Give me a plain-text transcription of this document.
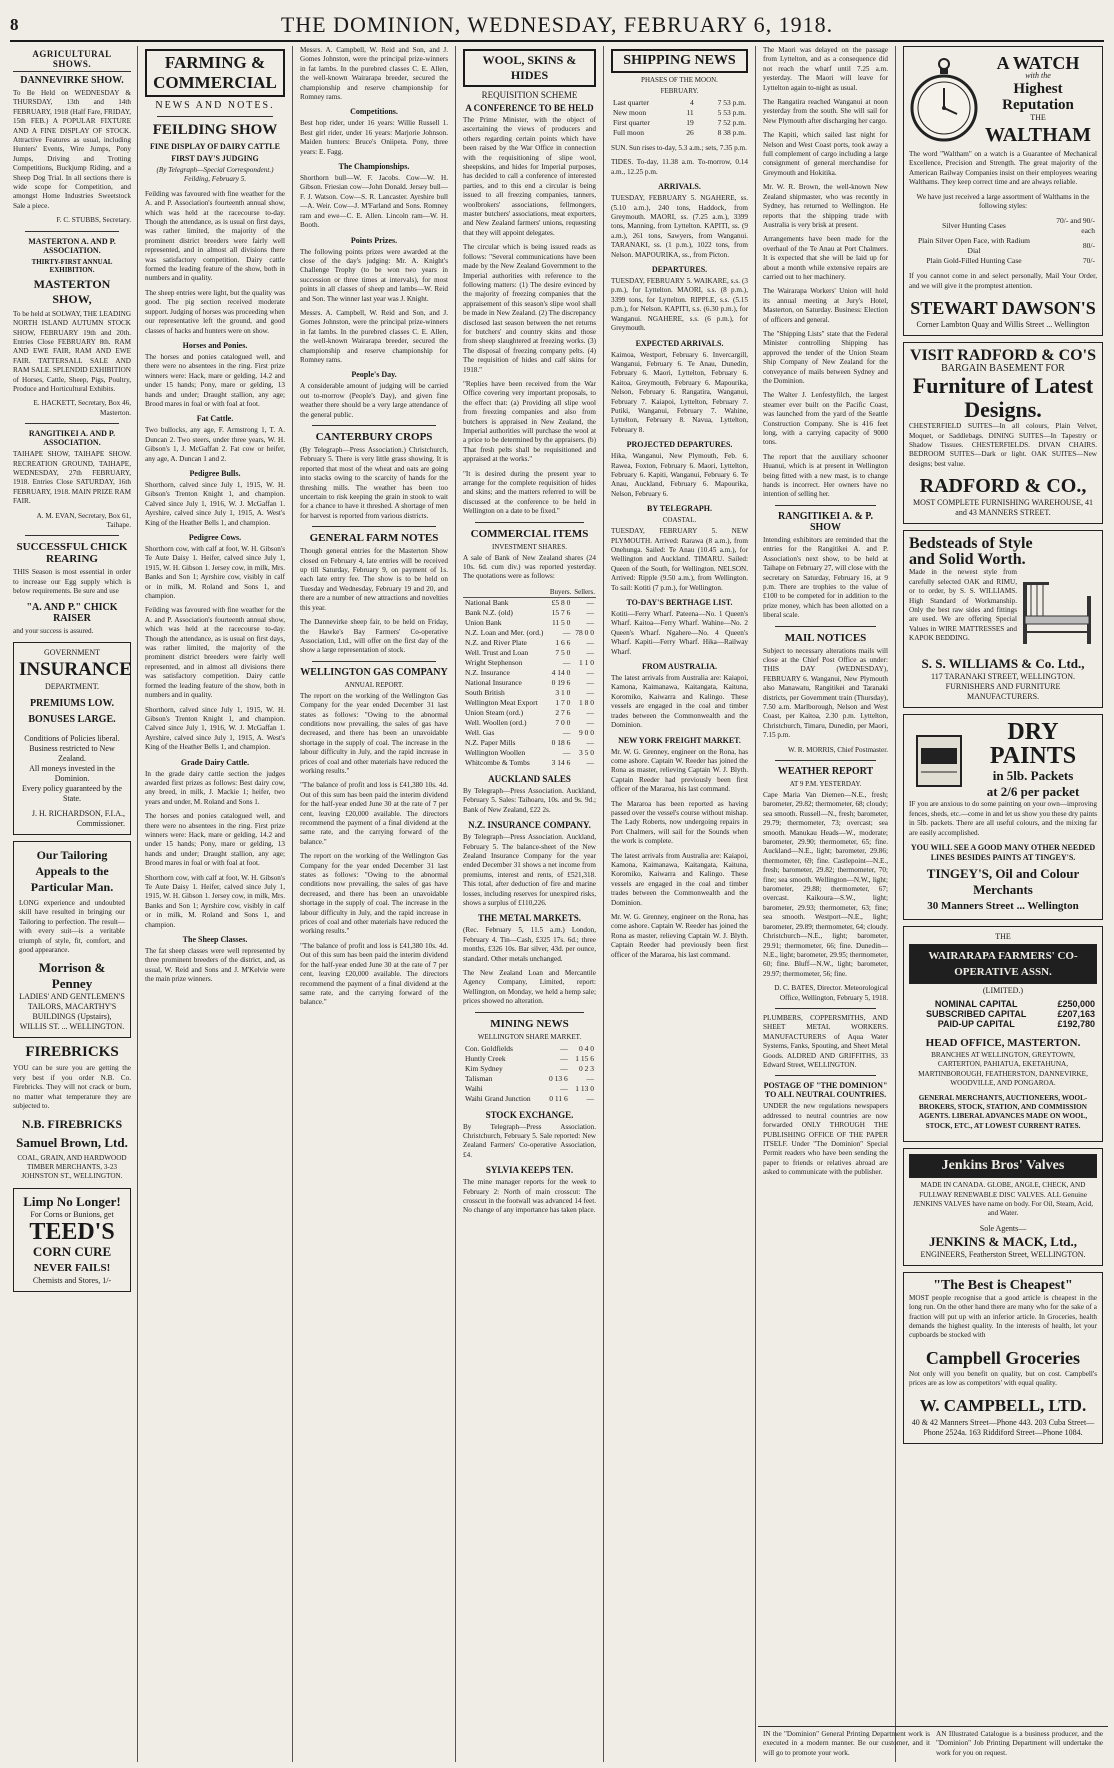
8	THE DOMINION, WEDNESDAY, FEBRUARY 6, 1918.
AGRICULTURAL SHOWS.
DANNEVIRKE SHOW.

To Be Held on WEDNESDAY & THURSDAY, 13th and 14th FEBRUARY, 1918 (Half Fare, FRIDAY, 15th FEB.) A POPULAR FIXTURE AND A FINE DISPLAY OF STOCK. Attractive Features as usual, including Hunters' Events, Wire Jumps, Pony Jumps, Driving and Trotting Competitions, Buckjump Riding, and a Sheep Dog Trial. In all sections there is wide scope for Competition, and amongst Home Industries Sweetstock Sale a piece.

F. C. STUBBS, Secretary.

MASTERTON A. AND P. ASSOCIATION.
THIRTY-FIRST ANNUAL EXHIBITION.
MASTERTON SHOW,

To be held at SOLWAY, THE LEADING NORTH ISLAND AUTUMN STOCK SHOW, FEBRUARY 19th and 20th. Entries Close FEBRUARY 8th. RAM AND EWE FAIR, RAM AND EWE FAIR. TATTERSALL SALE AND RAM SALE. SPLENDID EXHIBITION of Horses, Cattle, Sheep, Pigs, Poultry, Produce and Horticultural Exhibits.

E. HACKETT, Secretary, Box 46, Masterton.

RANGITIKEI A. AND P. ASSOCIATION.

TAIHAPE SHOW, TAIHAPE SHOW. RECREATION GROUND, TAIHAPE, WEDNESDAY, 27th FEBRUARY, 1918. Entries Close SATURDAY, 16th FEBRUARY, 1918. MAIN PRIZE RAM FAIR.

A. M. EVAN, Secretary, Box 61, Taihape.

SUCCESSFUL CHICK REARING

THIS Season is most essential in order to increase our Egg supply which is below requirements. Be sure and use

"A. AND P." CHICK RAISER

and your success is assured.

GOVERNMENT
INSURANCE
DEPARTMENT.
PREMIUMS LOW.
BONUSES LARGE.
Conditions of Policies liberal.
Business restricted to New Zealand.
All moneys invested in the Dominion.
Every policy guaranteed by the State.
J. H. RICHARDSON, F.I.A., Commissioner.
Our Tailoring Appeals to the Particular Man.

LONG experience and undoubted skill have resulted in bringing our Tailoring to perfection. The result—with every suit—is a veritable triumph of style, fit, comfort, and good appearance.

Morrison & Penney
LADIES' AND GENTLEMEN'S TAILORS, MACARTHY'S BUILDINGS (Upstairs), WILLIS ST. ... WELLINGTON.
FIREBRICKS

YOU can be sure you are getting the very best if you order N.B. Co. Firebricks. They will not crack or burn, no matter what temperature they are subjected to.

N.B. FIREBRICKS
Samuel Brown, Ltd.

COAL, GRAIN, AND HARDWOOD TIMBER MERCHANTS, 3-23 JOHNSTON ST., WELLINGTON.

Limp No Longer!
For Corns or Bunions, get
TEED'S
CORN CURE
NEVER FAILS!
Chemists and Stores, 1/-
FARMING & COMMERCIAL
NEWS AND NOTES.
FEILDING SHOW
FINE DISPLAY OF DAIRY CATTLE
FIRST DAY'S JUDGING

(By Telegraph—Special Correspondent.) Feilding, February 5.

Feilding was favoured with fine weather for the A. and P. Association's fourteenth annual show, which was held at the racecourse to-day. Though the attendance, as is usual on first days, was rather limited, the majority of the prominent district breeders were fairly well represented, and in almost all divisions there was satisfactory competition. Dairy cattle formed the leading feature of the show, both in numbers and in quality.

The sheep entries were light, but the quality was good. The pig section received moderate support. Judging of horses was proceeding when our representative left the ground, and good classes of hacks and hunters were on show.

Horses and Ponies.

The horses and ponies catalogued well, and there were no absentees in the ring. First prize winners were: Hack, mare or gelding, 14.2 and under 15 hands; Pony, mare or gelding, 13 hands and under; Draught stallion, any age; Brood mares in foal or with foal at foot.

Fat Cattle.

Two bullocks, any age, F. Armstrong 1, T. A. Duncan 2. Two steers, under three years, W. H. Gibson's 1, J. McGaffan 2. Fat cow or heifer, any age, A. Duncan 1 and 2.

Pedigree Bulls.

Shorthorn, calved since July 1, 1915, W. H. Gibson's Trenton Knight 1, and champion. Calved since July 1, 1916, W. J. McGaffan 1. Ayrshire, calved since July 1, 1915, A. West's King of the Heather Bells 1, and champion.

Pedigree Cows.

Shorthorn cow, with calf at foot, W. H. Gibson's Te Aute Daisy 1. Heifer, calved since July 1, 1915, W. H. Gibson 1. Jersey cow, in milk, Mrs. Banks and Son 1; Ayrshire cow, visibly in calf or in milk, M. Roland and Sons 1, and champion.

Feilding was favoured with fine weather for the A. and P. Association's fourteenth annual show, which was held at the racecourse to-day. Though the attendance, as is usual on first days, was rather limited, the majority of the prominent district breeders were fairly well represented, and in almost all divisions there was satisfactory competition. Dairy cattle formed the leading feature of the show, both in numbers and in quality.

Shorthorn, calved since July 1, 1915, W. H. Gibson's Trenton Knight 1, and champion. Calved since July 1, 1916, W. J. McGaffan 1. Ayrshire, calved since July 1, 1915, A. West's King of the Heather Bells 1, and champion.

Grade Dairy Cattle.

In the grade dairy cattle section the judges awarded first prizes as follows: Best dairy cow, any breed, in milk, J. Mackie 1; heifer, two years and under, M. Roland and Sons 1.

The horses and ponies catalogued well, and there were no absentees in the ring. First prize winners were: Hack, mare or gelding, 14.2 and under 15 hands; Pony, mare or gelding, 13 hands and under; Draught stallion, any age; Brood mares in foal or with foal at foot.

Shorthorn cow, with calf at foot, W. H. Gibson's Te Aute Daisy 1. Heifer, calved since July 1, 1915, W. H. Gibson 1. Jersey cow, in milk, Mrs. Banks and Son 1; Ayrshire cow, visibly in calf or in milk, M. Roland and Sons 1, and champion.

The Sheep Classes.

The fat sheep classes were well represented by three prominent breeders of the district, and, as usual, W. Reid and Sons and J. M'Kelvie were the main prize winners.

Messrs. A. Campbell, W. Reid and Son, and J. Gomes Johnston, were the principal prize-winners in fat lambs. In the purebred classes C. E. Allen, the well-known Wairarapa breeder, secured the championship and reserve championship for Romney rams.

Competitions.

Best hop rider, under 16 years: Willie Russell 1. Best girl rider, under 16 years: Marjorie Johnson. Maiden hunters: Bruce's Oniipeta. Pony, three years: E. Fagg.

The Championships.

Shorthorn bull—W. F. Jacobs. Cow—W. H. Gibson. Friesian cow—John Donald. Jersey bull—F. J. Watson. Cow—S. R. Lancaster. Ayrshire bull—A. Weir. Cow—J. M'Farland and Sons. Romney ram and ewe—C. E. Allen. Lincoln ram—W. H. Booth.

Points Prizes.

The following points prizes were awarded at the close of the day's judging: Mr. A. Knight's Challenge Trophy (to be won two years in succession or three times at intervals), for most points in all classes of sheep and lambs—W. Reid and Son. The winner last year was J. Knight.

Messrs. A. Campbell, W. Reid and Son, and J. Gomes Johnston, were the principal prize-winners in fat lambs. In the purebred classes C. E. Allen, the well-known Wairarapa breeder, secured the championship and reserve championship for Romney rams.

People's Day.

A considerable amount of judging will be carried out to-morrow (People's Day), and given fine weather there should be a very large attendance of the general public.

CANTERBURY CROPS

(By Telegraph—Press Association.) Christchurch, February 5. There is very little grass showing. It is reported that most of the wheat and oats are going into stacks owing to the scarcity of hands for the threshing mills. The weather has been too uncertain to risk keeping the grain in stook to wait for a chance to have it threshed. A shortage of men for harvest is reported from various districts.

GENERAL FARM NOTES

Though general entries for the Masterton Show closed on February 4, late entries will be received up till Saturday, February 9, on payment of 1s. each late entry fee. The show is to be held on Tuesday and Wednesday, February 19 and 20, and there are a number of new attractions and novelties this year.

The Dannevirke sheep fair, to be held on Friday, the Hawke's Bay Farmers' Co-operative Association, Ltd., will offer on the first day of the show a large representation of stock.

WELLINGTON GAS COMPANY
ANNUAL REPORT.

The report on the working of the Wellington Gas Company for the year ended December 31 last states as follows: "Owing to the abnormal conditions now prevailing, the sales of gas have decreased, and there has been an unavoidable shortage in the supply of coal. The increase in the labour difficulty in July, and the rapid increase in prices of coal and other materials have reduced the working results."

"The balance of profit and loss is £41,380 10s. 4d. Out of this sum has been paid the interim dividend for the half-year ended June 30 at the rate of 7 per cent, leaving £20,000 available. The directors recommend the payment of a final dividend at the same rate, and the carrying forward of the balance."

The report on the working of the Wellington Gas Company for the year ended December 31 last states as follows: "Owing to the abnormal conditions now prevailing, the sales of gas have decreased, and there has been an unavoidable shortage in the supply of coal. The increase in the labour difficulty in July, and the rapid increase in prices of coal and other materials have reduced the working results."

"The balance of profit and loss is £41,380 10s. 4d. Out of this sum has been paid the interim dividend for the half-year ended June 30 at the rate of 7 per cent, leaving £20,000 available. The directors recommend the payment of a final dividend at the same rate, and the carrying forward of the balance."

WOOL, SKINS & HIDES
REQUISITION SCHEME
A CONFERENCE TO BE HELD

The Prime Minister, with the object of ascertaining the views of producers and others regarding certain points which have been raised by the War Office in connection with the requisitioning of slipe wool, sheepskins, and hides for Imperial purposes, has decided to call a conference of interested parties, and to this end a circular is being issued to all freezing companies, tanners, woolbrokers' associations, fellmongers, master butchers' associations, meat exporters, and New Zealand farmers' unions, requesting that they will appoint delegates.

The circular which is being issued reads as follows: "Several communications have been made by the New Zealand Government to the Imperial authorities with reference to the following matters: (1) The desire evinced by the majority of freezing companies that the appraisement of this season's slipe wool shall be made in New Zealand. (2) The discrepancy disclosed last season between the net returns for butchers' and country skins and those from sheep slaughtered at freezing works. (3) The disposal of freezing company pelts. (4) The requisition of hides and calf skins for 1918."

"Replies have been received from the War Office covering very important proposals, to the effect that: (a) Providing all slipe wool from freezing companies and also from butchers is appraised in New Zealand, the Imperial authorities will purchase the wool at a price to be determined by the appraisers. (b) That fresh pelts shall be requisitioned and appraised at the works."

"It is desired during the present year to arrange for the complete requisition of hides and skins; and the matters referred to will be discussed at the conference to be held in Wellington on a date to be fixed."

COMMERCIAL ITEMS
INVESTMENT SHARES.

A sale of Bank of New Zealand shares (24 10s. 6d. cum div.) was reported yesterday. The quotations were as follows:

	Buyers.	Sellers.
National Bank	£5 8 0	—
Bank N.Z. (old)	15 7 6	—
Union Bank	11 5 0	—
N.Z. Loan and Mer. (ord.)	—	78 0 0
N.Z. and River Plate	1 6 6	—
Well. Trust and Loan	7 5 0	—
Wright Stephenson	—	1 1 0
N.Z. Insurance	4 14 0	—
National Insurance	0 19 6	—
South British	3 1 0	—
Wellington Meat Export	1 7 0	1 8 0
Union Steam (ord.)	2 7 6	—
Well. Woollen (ord.)	7 0 0	—
Well. Gas	—	9 0 0
N.Z. Paper Mills	0 18 6	—
Wellington Woollen	—	3 5 0
Whitcombe & Tombs	3 14 6	—
AUCKLAND SALES

By Telegraph—Press Association. Auckland, February 5. Sales: Taihoaru, 10s. and 9s. 9d.; Bank of New Zealand, £22 2s.

N.Z. INSURANCE COMPANY.

By Telegraph—Press Association. Auckland, February 5. The balance-sheet of the New Zealand Insurance Company for the year ended December 31 shows a net income from premiums, interest and rents, of £521,318. This total, after deduction of fire and marine losses, including reserves for unexpired risks, shows a surplus of £110,226.

THE METAL MARKETS.

(Rec. February 5, 11.5 a.m.) London, February 4. Tin—Cash, £325 17s. 6d.; three months, £326 10s. Bar silver, 43d. per ounce, standard. Other metals unchanged.

The New Zealand Loan and Mercantile Agency Company, Limited, report: Wellington, on Monday, we held a hemp sale; prices showed no alteration.

MINING NEWS
WELLINGTON SHARE MARKET.
Con. Goldfields	—	0 4 0
Huntly Creek	—	1 15 6
Kim Sydney	—	0 2 3
Talisman	0 13 6	—
Waihi	—	1 13 0
Waihi Grand Junction	0 11 6	—
STOCK EXCHANGE.

By Telegraph—Press Association. Christchurch, February 5. Sale reported: New Zealand Farmers' Co-operative Association, £4.

SYLVIA KEEPS TEN.

The mine manager reports for the week to February 2: North of main crosscut: The crosscut in the footwall was advanced 14 feet. No change of any importance has taken place.

SHIPPING NEWS
PHASES OF THE MOON.
FEBRUARY.
Last quarter	4	7 53 p.m.
New moon	11	5 53 p.m.
First quarter	19	7 52 p.m.
Full moon	26	8 38 p.m.

SUN. Sun rises to-day, 5.3 a.m.; sets, 7.35 p.m.

TIDES. To-day, 11.38 a.m. To-morrow, 0.14 a.m., 12.25 p.m.

ARRIVALS.

TUESDAY, FEBRUARY 5. NGAHERE, ss. (5.10 a.m.), 240 tons, Haddock, from Greymouth. MAORI, ss. (7.25 a.m.), 3399 tons, Manning, from Lyttelton. KAPITI, ss. (9 a.m.), 261 tons, Sawyers, from Wanganui. TARANAKI, ss. (1 p.m.), 1022 tons, from Nelson. MAPOURIKA, ss., from Picton.

DEPARTURES.

TUESDAY, FEBRUARY 5. WAIKARE, s.s. (3 p.m.), for Lyttelton. MAORI, s.s. (8 p.m.), 3399 tons, for Lyttelton. RIPPLE, s.s. (5.15 p.m.), for Nelson. KAPITI, s.s. (6.30 p.m.), for Wanganui. NGAHERE, s.s. (6 p.m.), for Greymouth.

EXPECTED ARRIVALS.

Kaimoa, Westport, February 6. Invercargill, Wanganui, February 6. Te Anau, Dunedin, February 6. Maori, Lyttelton, February 6. Kaitoa, Greymouth, February 6. Mapourika, Nelson, February 6. Rangatira, Wanganui, February 7. Kaiapoi, Lyttelton, February 7. Putiki, Wanganui, February 7. Wahine, Lyttelton, February 8. Navua, Lyttelton, February 8.

PROJECTED DEPARTURES.

Hika, Wanganui, New Plymouth, Feb. 6. Rawea, Foxton, February 6. Maori, Lyttelton, February 6. Kapiti, Wanganui, February 6. Te Anau, Auckland, February 6. Mapourika, Nelson, February 6.

BY TELEGRAPH.
COASTAL.

TUESDAY, FEBRUARY 5. NEW PLYMOUTH. Arrived: Rarawa (8 a.m.), from Onehunga. Sailed: Te Anau (10.45 a.m.), for Wellington and Auckland. TIMARU. Sailed: Queen of the South, for Wellington. NELSON. Arrived: Ripple (9.50 a.m.), from Wellington. To sail: Kotiti (7 p.m.), for Wellington.

TO-DAY'S BERTHAGE LIST.

Kotiti—Ferry Wharf. Pateena—No. 1 Queen's Wharf. Kaitoa—Ferry Wharf. Wahine—No. 2 Queen's Wharf. Ngahere—No. 4 Queen's Wharf. Kapiti—Ferry Wharf. Hika—Railway Wharf.

FROM AUSTRALIA.

The latest arrivals from Australia are: Kaiapoi, Kamona, Kaimanawa, Kaitangata, Kaituna, Koromiko, Kaiwarra and Kalingo. These vessels are engaged in the coal and timber trades between the Commonwealth and the Dominion.

NEW YORK FREIGHT MARKET.

Mr. W. G. Grenney, engineer on the Rona, has come ashore. Captain W. Reeder has joined the Rona as master, relieving Captain W. J. Blyth. Captain Reeder had previously been first officer of the Mararoa, his last command.

The Mararoa has been reported as having passed over the vessel's course without mishap. The Lady Roberts, now undergoing repairs in Port Chalmers, will sail for the Sounds when the work is complete.

The latest arrivals from Australia are: Kaiapoi, Kamona, Kaimanawa, Kaitangata, Kaituna, Koromiko, Kaiwarra and Kalingo. These vessels are engaged in the coal and timber trades between the Commonwealth and the Dominion.

Mr. W. G. Grenney, engineer on the Rona, has come ashore. Captain W. Reeder has joined the Rona as master, relieving Captain W. J. Blyth. Captain Reeder had previously been first officer of the Mararoa, his last command.

The Maori was delayed on the passage from Lyttelton, and as a consequence did not reach the wharf until 7.25 a.m. yesterday. The Maori will leave for Lyttelton again to-night as usual.

The Rangatira reached Wanganui at noon yesterday from the south. She will sail for New Plymouth after discharging her cargo.

The Kapiti, which sailed last night for Nelson and West Coast ports, took away a full complement of cargo including a large consignment of general merchandise for Greymouth and Hokitika.

Mr. W. R. Brown, the well-known New Zealand shipmaster, who was recently in Sydney, has returned to Wellington. He reports that the shipping trade with Australia is very brisk at present.

Arrangements have been made for the overhaul of the Te Anau at Port Chalmers. It is expected that she will be laid up for about a month while extensive repairs are carried out to her machinery.

The Wairarapa Workers' Union will hold its annual meeting at Jury's Hotel, Masterton, on Saturday. Business: Election of officers and general.

The "Shipping Lists" state that the Federal Minister controlling Shipping has approved the tender of the Union Steam Ship Company of New Zealand for the conveyance of mails between Sydney and the Dominion.

The Walter J. Lenfestyfilch, the largest steamer ever built on the Pacific Coast, was launched from the yard of the Seattle Construction Company. She is 416 feet long, with a carrying capacity of 9000 tons.

The report that the auxiliary schooner Huanui, which is at present in Wellington being fitted with a new mast, is to change hands is incorrect. Her owners have no intention of selling her.

RANGITIKEI A. & P. SHOW

Intending exhibitors are reminded that the entries for the Rangitikei A. and P. Association's next show, to be held at Taihape on February 27, will close with the secretary on Saturday, February 16, at 9 p.m. There are trophies to the value of £100 to be competed for in addition to the prize money, which has been allotted on a liberal scale.

MAIL NOTICES

Subject to necessary alterations mails will close at the Chief Post Office as under: THIS DAY (WEDNESDAY), FEBRUARY 6. Wanganui, New Plymouth also Manawatu, Rangitikei and Taranaki districts, per Government train (Thursday), 7.50 a.m. Marlborough, Nelson and West Coast, per Kaitoa, 2.30 p.m. Lyttelton, Christchurch, Timaru, Dunedin, per Maori, 7.15 p.m.

W. R. MORRIS, Chief Postmaster.

WEATHER REPORT
AT 9 P.M. YESTERDAY.

Cape Maria Van Diemen—N.E., fresh; barometer, 29.82; thermometer, 68; cloudy; sea smooth. Russell—N., fresh; barometer, 29.79; thermometer, 73; overcast; sea smooth. Manukau Heads—W., moderate; barometer, 29.90; thermometer, 65; fine. Auckland—N.E., light; barometer, 29.86; thermometer, 69; fine. Castlepoint—N.E., fresh; barometer, 29.82; thermometer, 70; fine; sea smooth. Wellington—N.W., light; barometer, 29.88; thermometer, 67; overcast. Kaikoura—S.W., light; barometer, 29.93; thermometer, 63; fine; sea smooth. Westport—N.E., light; barometer, 29.89; thermometer, 64; cloudy. Christchurch—N.E., light; barometer, 29.91; thermometer, 66; fine. Dunedin—N.E., light; barometer, 29.95; thermometer, 60; fine. Bluff—N.W., light; barometer, 29.97; thermometer, 56; fine.

D. C. BATES, Director. Meteorological Office, Wellington, February 5, 1918.

PLUMBERS, COPPERSMITHS, AND SHEET METAL WORKERS. MANUFACTURERS of Aqua Water Systems, Fanks, Spouting, and Sheet Metal Goods. ALDRED AND GRIFFITHS, 33 Edward Street, WELLINGTON.

POSTAGE OF "THE DOMINION" TO ALL NEUTRAL COUNTRIES.

UNDER the new regulations newspapers addressed to neutral countries are now forwarded ONLY THROUGH THE PUBLISHING OFFICE OF THE PAPER ITSELF. Under "The Dominion" Special Permit readers who have been sending the paper to friends or relatives abroad are asked to communicate with the publisher.

A WATCH
with the
Highest Reputation
THE
WALTHAM

The word "Waltham" on a watch is a Guarantee of Mechanical Excellence, Precision and Strength. The great majority of the American Railway Companies insist on their employees wearing Walthams. They keep correct time and are always reliable.

We have just received a large assortment of Walthams in the following styles:

Silver Hunting Cases	70/- and 90/- each
Plain Silver Open Face, with Radium Dial	80/-
Plain Gold-Filled Hunting Case	70/-

If you cannot come in and select personally, Mail Your Order, and we will give it the promptest attention.

STEWART DAWSON'S
Corner Lambton Quay and Willis Street ... Wellington
VISIT RADFORD & CO'S
BARGAIN BASEMENT FOR
Furniture of Latest Designs.

CHESTERFIELD SUITES—In all colours, Plain Velvet, Moquet, or Saddlebags. DINING SUITES—In Tapestry or Shadow Tissues. CHESTERFIELDS. DIVAN CHAIRS. BEDROOM SUITES—Dark or light. OAK SUITES—New designs; best value.

RADFORD & CO.,
MOST COMPLETE FURNISHING WAREHOUSE, 41 and 43 MANNERS STREET.
Bedsteads of Style
and Solid Worth.

Made in the newest style from carefully selected OAK and RIMU, or to order, by S. S. WILLIAMS. High Standard of Workmanship. Only the best raw sides and fittings are used. We are offering Special Values in WIRE MATTRESSES and KAPOK BEDDING.

S. S. WILLIAMS & Co. Ltd.,
117 TARANAKI STREET, WELLINGTON.
FURNISHERS AND FURNITURE MANUFACTURERS.
DRY PAINTS
in 5lb. Packets
at 2/6 per packet

IF you are anxious to do some painting on your own—improving fences, sheds, etc.—come in and let us show you these dry paints in 5lb. packets. There are all useful colours, and the mixing far are easily accomplished.

YOU WILL SEE A GOOD MANY OTHER NEEDED LINES BESIDES PAINTS AT TINGEY'S.
TINGEY'S, Oil and Colour Merchants
30 Manners Street ... Wellington
THE
WAIRARAPA FARMERS' CO-OPERATIVE ASSN.
(LIMITED.)
NOMINAL CAPITAL	£250,000
SUBSCRIBED CAPITAL	£207,163
PAID-UP CAPITAL	£192,780
HEAD OFFICE, MASTERTON.

BRANCHES AT WELLINGTON, GREYTOWN, CARTERTON, PAHIATUA, EKETAHUNA, MARTINBOROUGH, FEATHERSTON, DANNEVIRKE, WOODVILLE, AND PONGAROA.

GENERAL MERCHANTS, AUCTIONEERS, WOOL-BROKERS, STOCK, STATION, AND COMMISSION AGENTS. LIBERAL ADVANCES MADE ON WOOL, STOCK, ETC., AT LOWEST CURRENT RATES.

Jenkins Bros' Valves

MADE IN CANADA. GLOBE, ANGLE, CHECK, AND FULLWAY RENEWABLE DISC VALVES. ALL Genuine JENKINS VALVES have name on body. For Oil, Steam, Acid, and Water.

Sole Agents—
JENKINS & MACK, Ltd.,
ENGINEERS, Featherston Street, WELLINGTON.
"The Best is Cheapest"

MOST people recognise that a good article is cheapest in the long run. On the other hand there are many who for the sake of a fraction will put up with an inferior article. In Groceries, health demands the highest quality. In the interests of health, let your cupboards be stocked with

Campbell Groceries

Not only will you benefit on quality, but on cost. Campbell's prices are as low as competitors' with equal quality.

W. CAMPBELL, LTD.
40 & 42 Manners Street—Phone 443. 203 Cuba Street—Phone 2524a. 163 Riddiford Street—Phone 1084.

IN the "Dominion" General Printing Department work is executed in a modern manner. Be our customer, and it will go to promote your work.

AN Illustrated Catalogue is a business producer, and the "Dominion" Job Printing Department will undertake the work for you on request.
